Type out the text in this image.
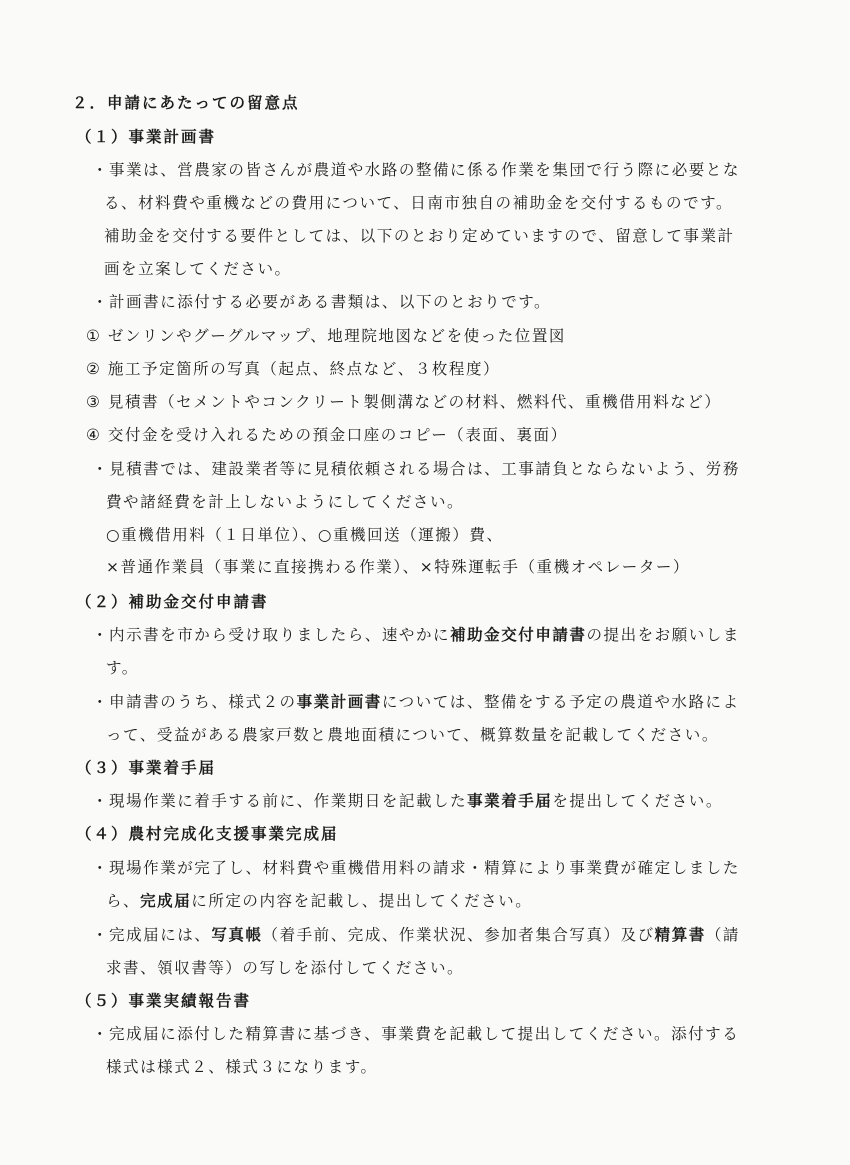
２．申請にあたっての留意点
（１）事業計画書
・事業は、営農家の皆さんが農道や水路の整備に係る作業を集団で行う際に必要とな
る、材料費や重機などの費用について、日南市独自の補助金を交付するものです。
補助金を交付する要件としては、以下のとおり定めていますので、留意して事業計
画を立案してください。
・計画書に添付する必要がある書類は、以下のとおりです。
① ゼンリンやグーグルマップ、地理院地図などを使った位置図
② 施工予定箇所の写真（起点、終点など、３枚程度）
③ 見積書（セメントやコンクリート製側溝などの材料、燃料代、重機借用料など）
④ 交付金を受け入れるための預金口座のコピー（表面、裏面）
・見積書では、建設業者等に見積依頼される場合は、工事請負とならないよう、労務
費や諸経費を計上しないようにしてください。
○重機借用料（１日単位）、○重機回送（運搬）費、
×普通作業員（事業に直接携わる作業）、×特殊運転手（重機オペレーター）
（２）補助金交付申請書
・内示書を市から受け取りましたら、速やかに補助金交付申請書の提出をお願いしま
す。
・申請書のうち、様式２の事業計画書については、整備をする予定の農道や水路によ
って、受益がある農家戸数と農地面積について、概算数量を記載してください。
（３）事業着手届
・現場作業に着手する前に、作業期日を記載した事業着手届を提出してください。
（４）農村完成化支援事業完成届
・現場作業が完了し、材料費や重機借用料の請求・精算により事業費が確定しました
ら、完成届に所定の内容を記載し、提出してください。
・完成届には、写真帳（着手前、完成、作業状況、参加者集合写真）及び精算書（請
求書、領収書等）の写しを添付してください。
（５）事業実績報告書
・完成届に添付した精算書に基づき、事業費を記載して提出してください。添付する
様式は様式２、様式３になります。
